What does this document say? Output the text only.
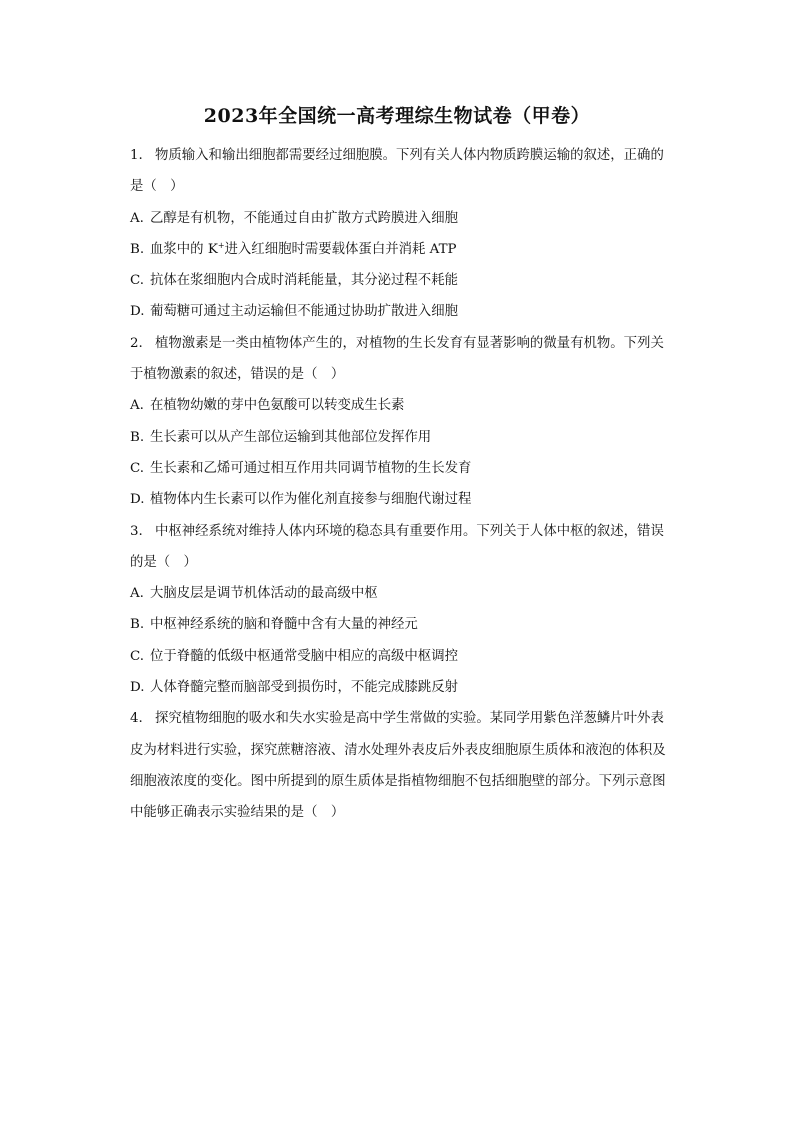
2023年全国统一高考理综生物试卷（甲卷）
1. 物质输入和输出细胞都需要经过细胞膜。下列有关人体内物质跨膜运输的叙述，正确的
是（　）
A. 乙醇是有机物，不能通过自由扩散方式跨膜进入细胞
B. 血浆中的 K+进入红细胞时需要载体蛋白并消耗 ATP
C. 抗体在浆细胞内合成时消耗能量，其分泌过程不耗能
D. 葡萄糖可通过主动运输但不能通过协助扩散进入细胞
2. 植物激素是一类由植物体产生的，对植物的生长发育有显著影响的微量有机物。下列关
于植物激素的叙述，错误的是（　）
A. 在植物幼嫩的芽中色氨酸可以转变成生长素
B. 生长素可以从产生部位运输到其他部位发挥作用
C. 生长素和乙烯可通过相互作用共同调节植物的生长发育
D. 植物体内生长素可以作为催化剂直接参与细胞代谢过程
3. 中枢神经系统对维持人体内环境的稳态具有重要作用。下列关于人体中枢的叙述，错误
的是（　）
A. 大脑皮层是调节机体活动的最高级中枢
B. 中枢神经系统的脑和脊髓中含有大量的神经元
C. 位于脊髓的低级中枢通常受脑中相应的高级中枢调控
D. 人体脊髓完整而脑部受到损伤时，不能完成膝跳反射
4. 探究植物细胞的吸水和失水实验是高中学生常做的实验。某同学用紫色洋葱鳞片叶外表
皮为材料进行实验，探究蔗糖溶液、清水处理外表皮后外表皮细胞原生质体和液泡的体积及
细胞液浓度的变化。图中所提到的原生质体是指植物细胞不包括细胞壁的部分。下列示意图
中能够正确表示实验结果的是（　）
